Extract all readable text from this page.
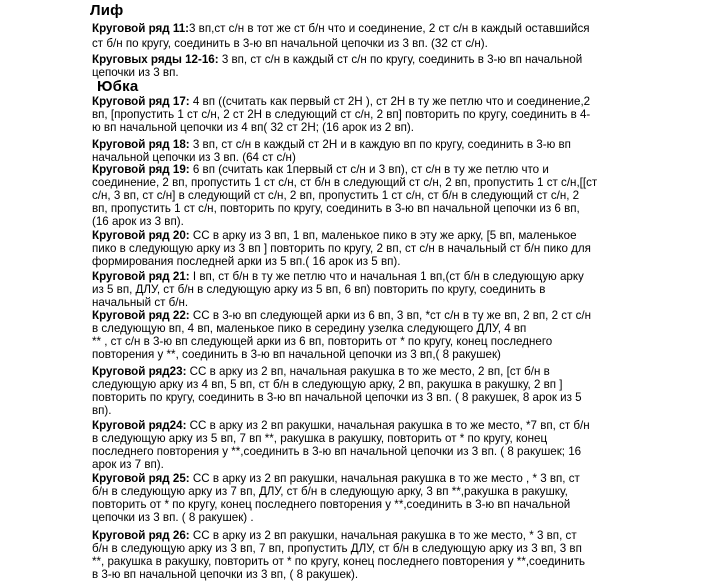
Лиф
Юбка
Круговой ряд 11:3 вп,ст с/н в тот же ст б/н что и соединение, 2 ст с/н в каждый оставшийся
ст б/н по кругу, соединить в 3-ю вп начальной цепочки из 3 вп. (32 ст с/н).
Круговых ряды 12-16: 3 вп, ст с/н в каждый ст с/н по кругу, соединить в 3-ю вп начальной
цепочки из 3 вп.
Круговой ряд 17: 4 вп ((считать как первый ст 2Н ), ст 2Н в ту же петлю что и соединение,2
вп, [пропустить 1 ст с/н, 2 ст 2Н в следующий ст с/н, 2 вп] повторить по кругу, соединить в 4-
ю вп начальной цепочки из 4 вп( 32 ст 2Н; (16 арок из 2 вп).
Круговой ряд 18: 3 вп, ст с/н в каждый ст 2Н и в каждую вп по кругу, соединить в 3-ю вп
начальной цепочки из 3 вп. (64 ст с/н)
Круговой ряд 19: 6 вп (считать как 1первый ст с/н и 3 вп), ст с/н в ту же петлю что и
соединение, 2 вп, пропустить 1 ст с/н, ст б/н в следующий ст с/н, 2 вп, пропустить 1 ст с/н,[[ст
с/н, 3 вп, ст с/н] в следующий ст с/н, 2 вп, пропустить 1 ст с/н, ст б/н в следующий ст с/н, 2
вп, пропустить 1 ст с/н, повторить по кругу, соединить в 3-ю вп начальной цепочки из 6 вп,
(16 арок из 3 вп).
Круговой ряд 20: СС в арку из 3 вп, 1 вп, маленькое пико в эту же арку, [5 вп, маленькое
пико в следующую арку из 3 вп ] повторить по кругу, 2 вп, ст с/н в начальный ст б/н пико для
формирования последней арки из 5 вп.( 16 арок из 5 вп).
Круговой ряд 21: I вп, ст б/н в ту же петлю что и начальная 1 вп,(ст б/н в следующую арку
из 5 вп, ДЛУ, ст б/н в следующую арку из 5 вп, 6 вп) повторить по кругу, соединить в
начальный ст б/н.
Круговой ряд 22: СС в 3-ю вп следующей арки из 6 вп, 3 вп, *ст с/н в ту же вп, 2 вп, 2 ст с/н
в следующую вп, 4 вп, маленькое пико в середину узелка следующего ДЛУ, 4 вп
** , ст с/н в 3-ю вп следующей арки из 6 вп, повторить от * по кругу, конец последнего
повторения у **, соединить в 3-ю вп начальной цепочки из 3 вп,( 8 ракушек)
Круговой ряд23: СС в арку из 2 вп, начальная ракушка в то же место, 2 вп, [ст б/н в
следующую арку из 4 вп, 5 вп, ст б/н в следующую арку, 2 вп, ракушка в ракушку, 2 вп ]
повторить по кругу, соединить в 3-ю вп начальной цепочки из 3 вп. ( 8 ракушек, 8 арок из 5
вп).
Круговой ряд24: СС в арку из 2 вп ракушки, начальная ракушка в то же место, *7 вп, ст б/н
в следующую арку из 5 вп, 7 вп **, ракушка в ракушку, повторить от * по кругу, конец
последнего повторения у **,соединить в 3-ю вп начальной цепочки из 3 вп. ( 8 ракушек; 16
арок из 7 вп).
Круговой ряд 25: СС в арку из 2 вп ракушки, начальная ракушка в то же место , * 3 вп, ст
б/н в следующую арку из 7 вп, ДЛУ, ст б/н в следующую арку, 3 вп **,ракушка в ракушку,
повторить от * по кругу, конец последнего повторения у **,соединить в 3-ю вп начальной
цепочки из 3 вп. ( 8 ракушек) .
Круговой ряд 26: СС в арку из 2 вп ракушки, начальная ракушка в то же место, * 3 вп, ст
б/н в следующую арку из 3 вп, 7 вп, пропустить ДЛУ, ст б/н в следующую арку из 3 вп, 3 вп
**, ракушка в ракушку, повторить от * по кругу, конец последнего повторения у **,соединить
в 3-ю вп начальной цепочки из 3 вп, ( 8 ракушек).
